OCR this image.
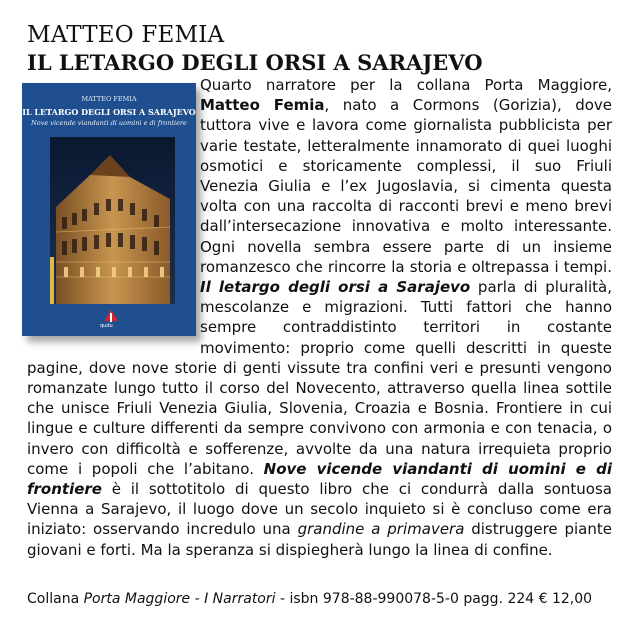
MATTEO FEMIA
IL LETARGO DEGLI ORSI A SARAJEVO
MATTEO FEMIA
IL LETARGO DEGLI ORSI A SARAJEVO
Nove vicende viandanti di uomini e di frontiere
qudu

Quarto narratore per la collana Porta Maggiore, Matteo Femia, nato a Cormons (Gorizia), dove tuttora vive e lavora come giornalista pubblicista per varie testate, letteralmente innamorato di quei luoghi osmotici e storicamente complessi, il suo Friuli Venezia Giulia e l’ex Jugoslavia, si cimenta questa volta con una raccolta di racconti brevi e meno brevi dall’intersecazione innovativa e molto interessante. Ogni novella sembra essere parte di un insieme romanzesco che rincorre la storia e oltrepassa i tempi. Il letargo degli orsi a Sarajevo parla di pluralità, mescolanze e migrazioni. Tutti fattori che hanno sempre contraddistinto territori in costante movimento: proprio come quelli descritti in queste pagine, dove nove storie di genti vissute tra confini veri e presunti vengono romanzate lungo tutto il corso del Novecento, attraverso quella linea sottile che unisce Friuli Venezia Giulia, Slovenia, Croazia e Bosnia. Frontiere in cui lingue e culture differenti da sempre convivono con armonia e con tenacia, o invero con difficoltà e sofferenze, avvolte da una natura irrequieta proprio come i popoli che l’abitano. Nove vicende viandanti di uomini e di frontiere è il sottotitolo di questo libro che ci condurrà dalla sontuosa Vienna a Sarajevo, il luogo dove un secolo inquieto si è concluso come era iniziato: osservando incredulo una grandine a primavera distruggere piante giovani e forti. Ma la speranza si dispiegherà lungo la linea di confine.

Collana Porta Maggiore - I Narratori - isbn 978-88-990078-5-0 pagg. 224 € 12,00
